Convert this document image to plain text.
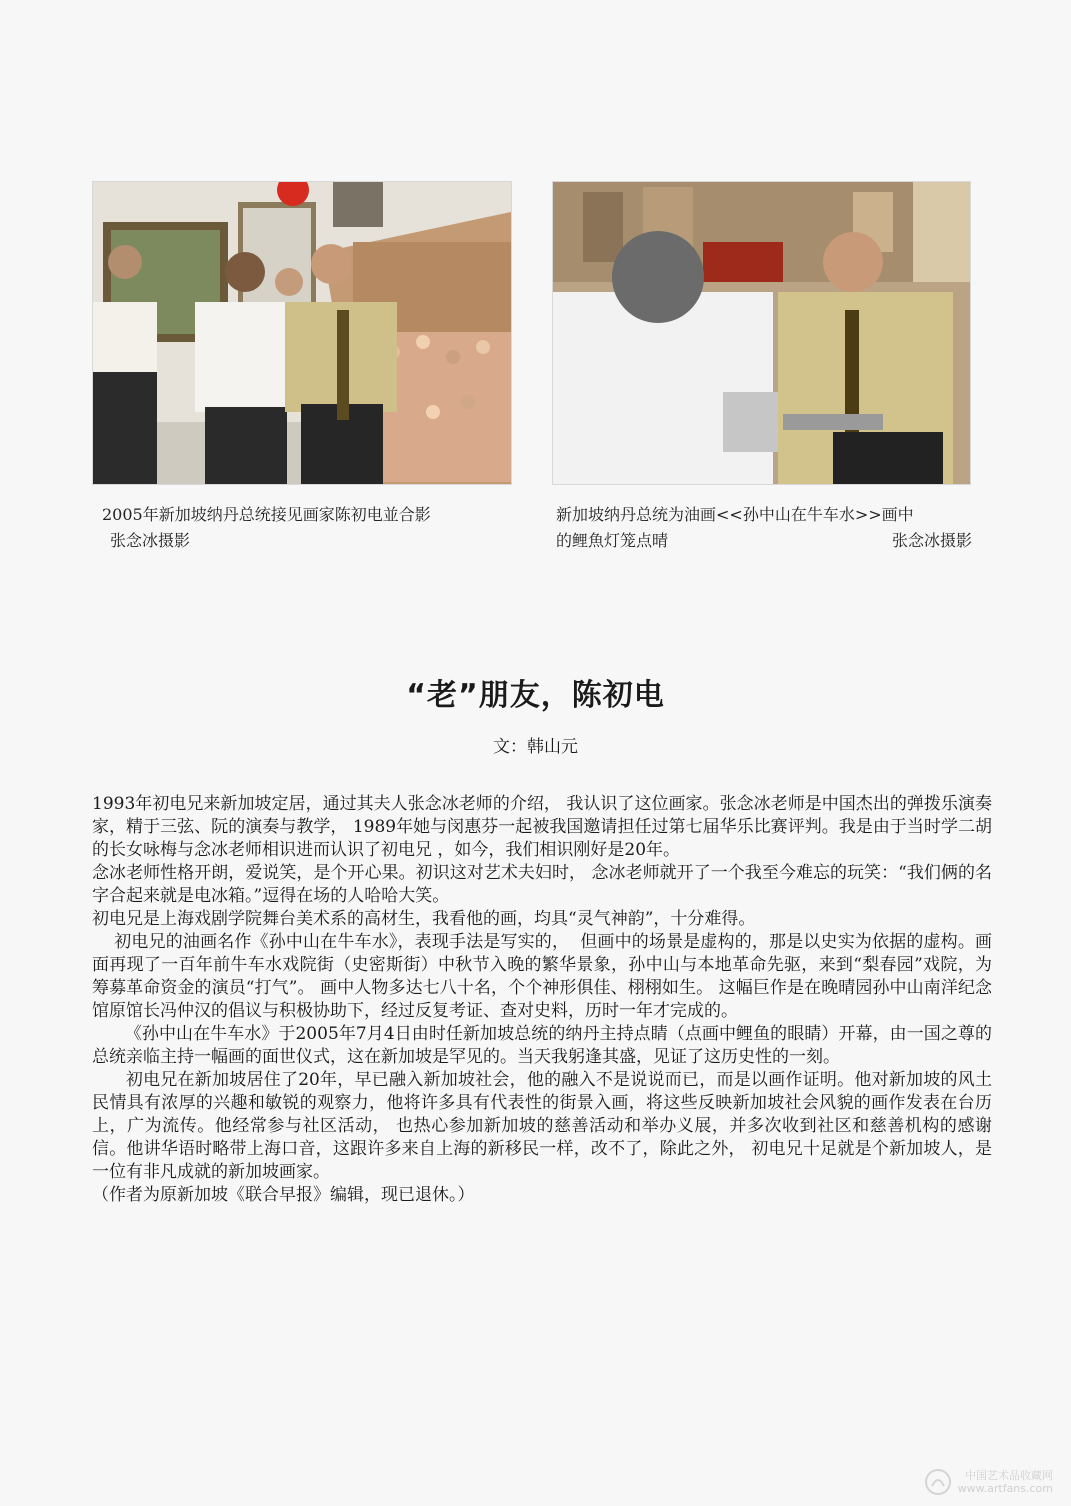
2005年新加坡纳丹总统接见画家陈初电並合影
张念冰摄影
新加坡纳丹总统为油画<<孙中山在牛车水>>画中
的鲤魚灯笼点晴	张念冰摄影
“老”朋友，陈初电
文：韩山元

1993年初电兄来新加坡定居，通过其夫人张念冰老师的介绍， 我认识了这位画家。张念冰老师是中国杰出的弹拨乐演奏家，精于三弦、阮的演奏与教学， 1989年她与闵惠芬一起被我国邀请担任过第七届华乐比赛评判。我是由于当时学二胡的长女咏梅与念冰老师相识进而认识了初电兄 ，如今，我们相识刚好是20年。

念冰老师性格开朗，爱说笑，是个开心果。初识这对艺术夫妇时， 念冰老师就开了一个我至今难忘的玩笑：“我们俩的名字合起来就是电冰箱。”逗得在场的人哈哈大笑。

初电兄是上海戏剧学院舞台美术系的高材生，我看他的画，均具“灵气神韵”，十分难得。

初电兄的油画名作《孙中山在牛车水》，表现手法是写实的，  但画中的场景是虚构的，那是以史实为依据的虚构。画面再现了一百年前牛车水戏院街（史密斯街）中秋节入晚的繁华景象，孙中山与本地革命先驱，来到“梨春园”戏院，为筹募革命资金的演员“打气”。 画中人物多达七八十名，个个神形俱佳、栩栩如生。 这幅巨作是在晚晴园孙中山南洋纪念馆原馆长冯仲汉的倡议与积极协助下，经过反复考证、查对史料，历时一年才完成的。

《孙中山在牛车水》于2005年7月4日由时任新加坡总统的纳丹主持点睛（点画中鲤鱼的眼睛）开幕，由一国之尊的总统亲临主持一幅画的面世仪式，这在新加坡是罕见的。当天我躬逢其盛，见证了这历史性的一刻。

初电兄在新加坡居住了20年，早已融入新加坡社会，他的融入不是说说而已，而是以画作证明。他对新加坡的风土民情具有浓厚的兴趣和敏锐的观察力，他将许多具有代表性的街景入画，将这些反映新加坡社会风貌的画作发表在台历上，广为流传。他经常参与社区活动， 也热心参加新加坡的慈善活动和举办义展，并多次收到社区和慈善机构的感谢信。他讲华语时略带上海口音，这跟许多来自上海的新移民一样，改不了，除此之外， 初电兄十足就是个新加坡人，是一位有非凡成就的新加坡画家。

（作者为原新加坡《联合早报》编辑，现已退休。）

中国艺术品收藏网
www.artfans.com
